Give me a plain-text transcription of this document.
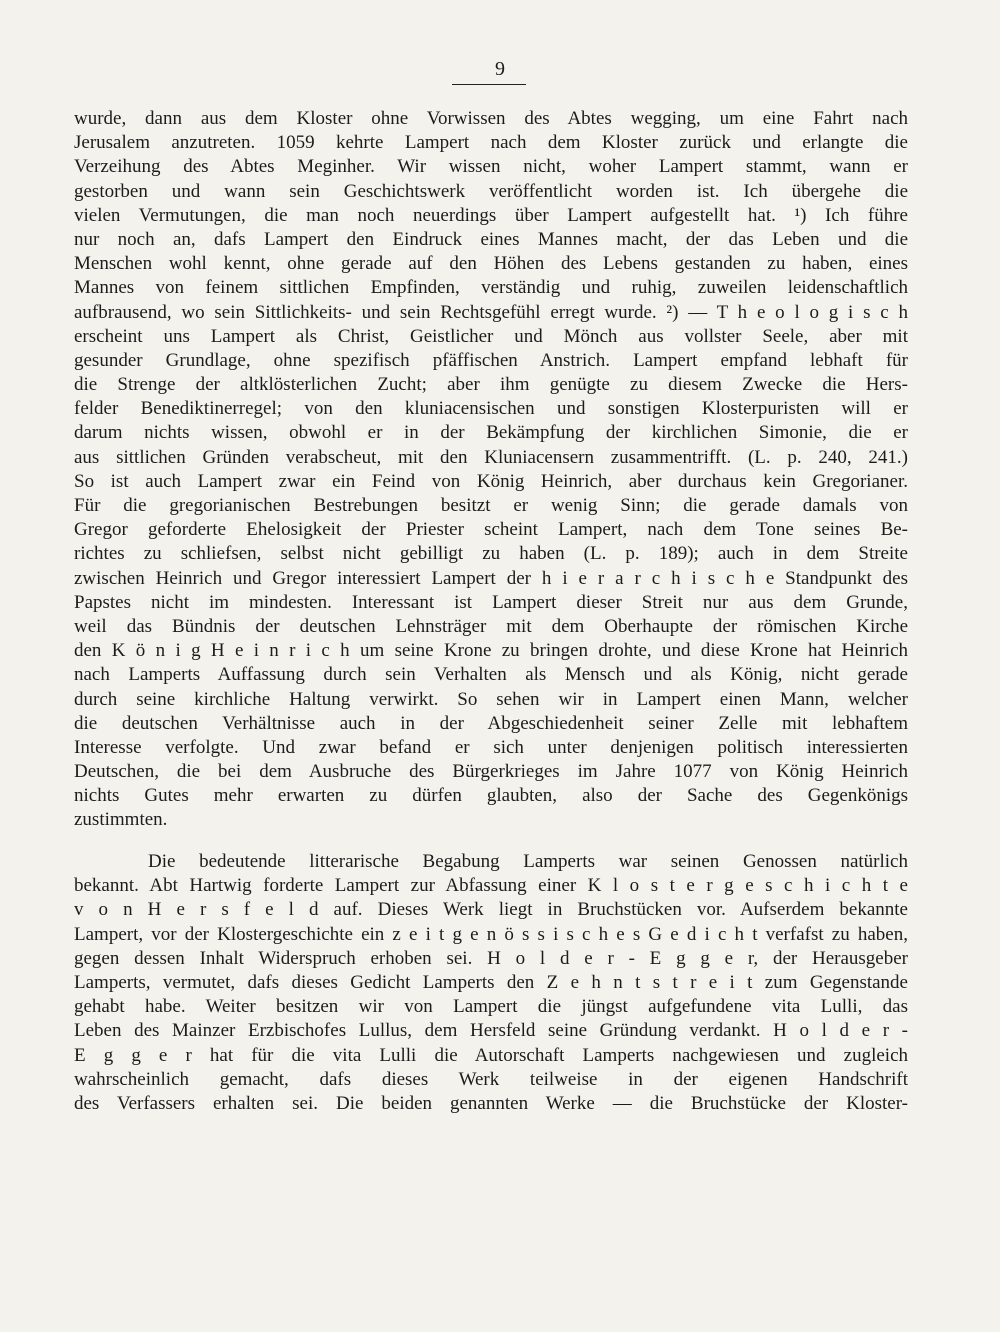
9
wurde, dann aus dem Kloster ohne Vorwissen des Abtes wegging, um eine Fahrt nach
Jerusalem anzutreten. 1059 kehrte Lampert nach dem Kloster zurück und erlangte die
Verzeihung des Abtes Meginher. Wir wissen nicht, woher Lampert stammt, wann er
gestorben und wann sein Geschichtswerk veröffentlicht worden ist. Ich übergehe die
vielen Vermutungen, die man noch neuerdings über Lampert aufgestellt hat. ¹) Ich führe
nur noch an, dafs Lampert den Eindruck eines Mannes macht, der das Leben und die
Menschen wohl kennt, ohne gerade auf den Höhen des Lebens gestanden zu haben, eines
Mannes von feinem sittlichen Empfinden, verständig und ruhig, zuweilen leidenschaftlich
aufbrausend, wo sein Sittlichkeits- und sein Rechtsgefühl erregt wurde. ²) — T h e o l o g i s c h
erscheint uns Lampert als Christ, Geistlicher und Mönch aus vollster Seele, aber mit
gesunder Grundlage, ohne spezifisch pfäffischen Anstrich. Lampert empfand lebhaft für
die Strenge der altklösterlichen Zucht; aber ihm genügte zu diesem Zwecke die Hers-
felder Benediktinerregel; von den kluniacensischen und sonstigen Klosterpuristen will er
darum nichts wissen, obwohl er in der Bekämpfung der kirchlichen Simonie, die er
aus sittlichen Gründen verabscheut, mit den Kluniacensern zusammentrifft. (L. p. 240, 241.)
So ist auch Lampert zwar ein Feind von König Heinrich, aber durchaus kein Gregorianer.
Für die gregorianischen Bestrebungen besitzt er wenig Sinn; die gerade damals von
Gregor geforderte Ehelosigkeit der Priester scheint Lampert, nach dem Tone seines Be-
richtes zu schliefsen, selbst nicht gebilligt zu haben (L. p. 189); auch in dem Streite
zwischen Heinrich und Gregor interessiert Lampert der h i e r a r c h i s c h e Standpunkt des
Papstes nicht im mindesten. Interessant ist Lampert dieser Streit nur aus dem Grunde,
weil das Bündnis der deutschen Lehnsträger mit dem Oberhaupte der römischen Kirche
den K ö n i g H e i n r i c h um seine Krone zu bringen drohte, und diese Krone hat Heinrich
nach Lamperts Auffassung durch sein Verhalten als Mensch und als König, nicht gerade
durch seine kirchliche Haltung verwirkt. So sehen wir in Lampert einen Mann, welcher
die deutschen Verhältnisse auch in der Abgeschiedenheit seiner Zelle mit lebhaftem
Interesse verfolgte. Und zwar befand er sich unter denjenigen politisch interessierten
Deutschen, die bei dem Ausbruche des Bürgerkrieges im Jahre 1077 von König Heinrich
nichts Gutes mehr erwarten zu dürfen glaubten, also der Sache des Gegenkönigs
zustimmten.
Die bedeutende litterarische Begabung Lamperts war seinen Genossen natürlich
bekannt. Abt Hartwig forderte Lampert zur Abfassung einer K l o s t e r g e s c h i c h t e
v o n H e r s f e l d auf. Dieses Werk liegt in Bruchstücken vor. Aufserdem bekannte
Lampert, vor der Klostergeschichte ein z e i t g e n ö s s i s c h e s G e d i c h t verfafst zu haben,
gegen dessen Inhalt Widerspruch erhoben sei. H o l d e r - E g g e r, der Herausgeber
Lamperts, vermutet, dafs dieses Gedicht Lamperts den Z e h n t s t r e i t zum Gegenstande
gehabt habe. Weiter besitzen wir von Lampert die jüngst aufgefundene vita Lulli, das
Leben des Mainzer Erzbischofes Lullus, dem Hersfeld seine Gründung verdankt. H o l d e r -
E g g e r hat für die vita Lulli die Autorschaft Lamperts nachgewiesen und zugleich
wahrscheinlich gemacht, dafs dieses Werk teilweise in der eigenen Handschrift
des Verfassers erhalten sei. Die beiden genannten Werke — die Bruchstücke der Kloster-
